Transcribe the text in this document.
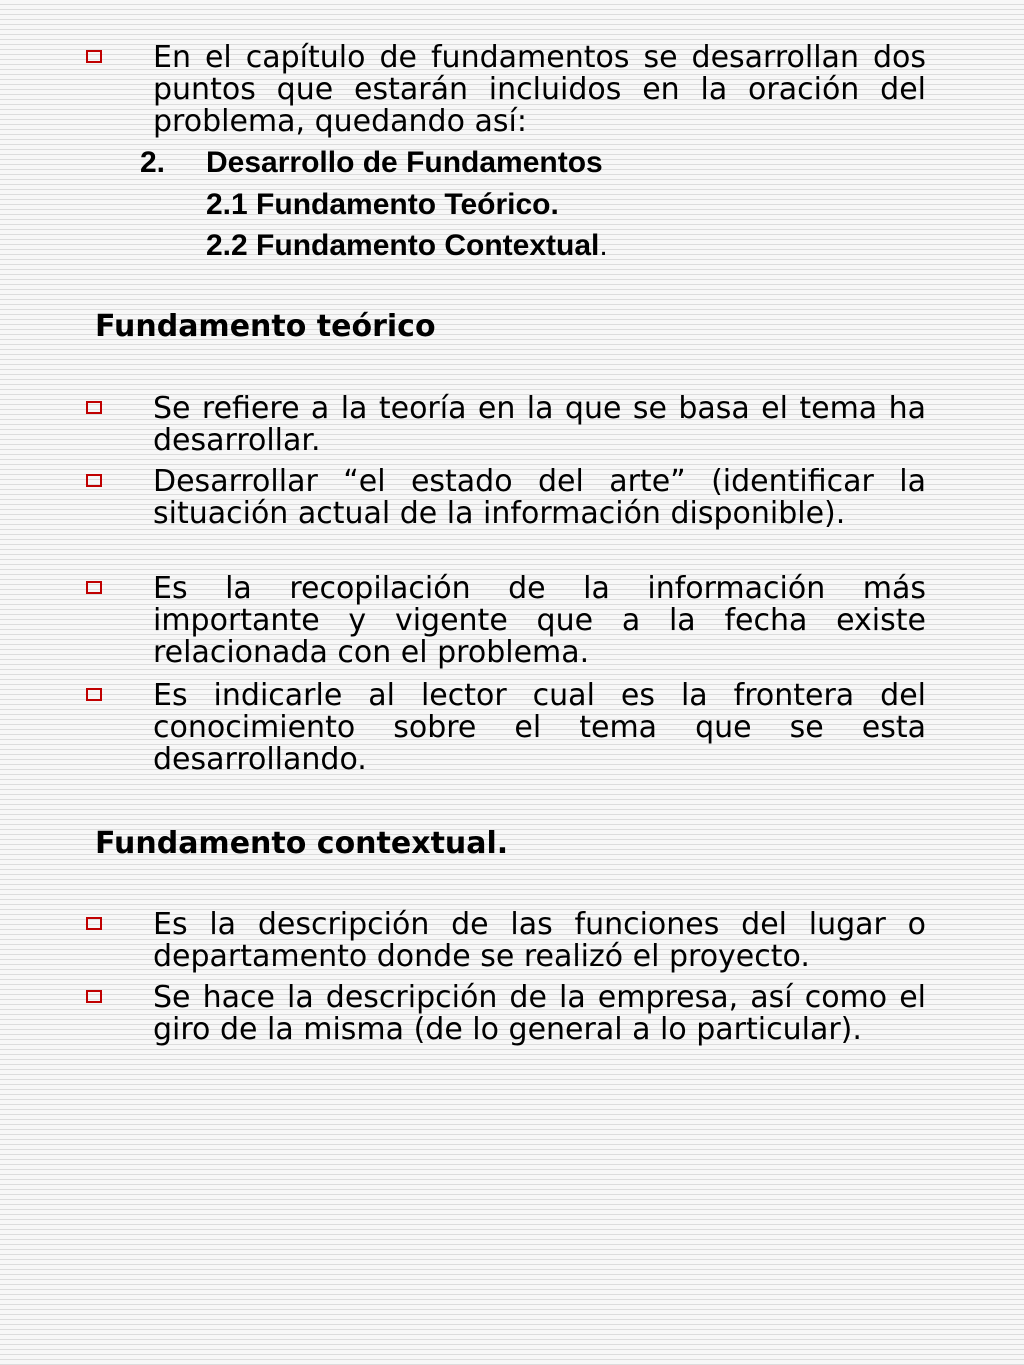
En el capítulo de fundamentos se desarrollan dos puntos que estarán incluidos en la oración del problema, quedando así:
2. Desarrollo de Fundamentos
2.1 Fundamento Teórico.
2.2 Fundamento Contextual.
Fundamento teórico
Se refiere a la teoría en la que se basa el tema ha desarrollar.
Desarrollar “el estado del arte” (identificar la situación actual de la información disponible).
Es la recopilación de la información más importante y vigente que a la fecha existe relacionada con el problema.
Es indicarle al lector cual es la frontera del conocimiento sobre el tema que se esta desarrollando.
Fundamento contextual.
Es la descripción de las funciones del lugar o departamento donde se realizó el proyecto.
Se hace la descripción de la empresa, así como el giro de la misma (de lo general a lo particular).
